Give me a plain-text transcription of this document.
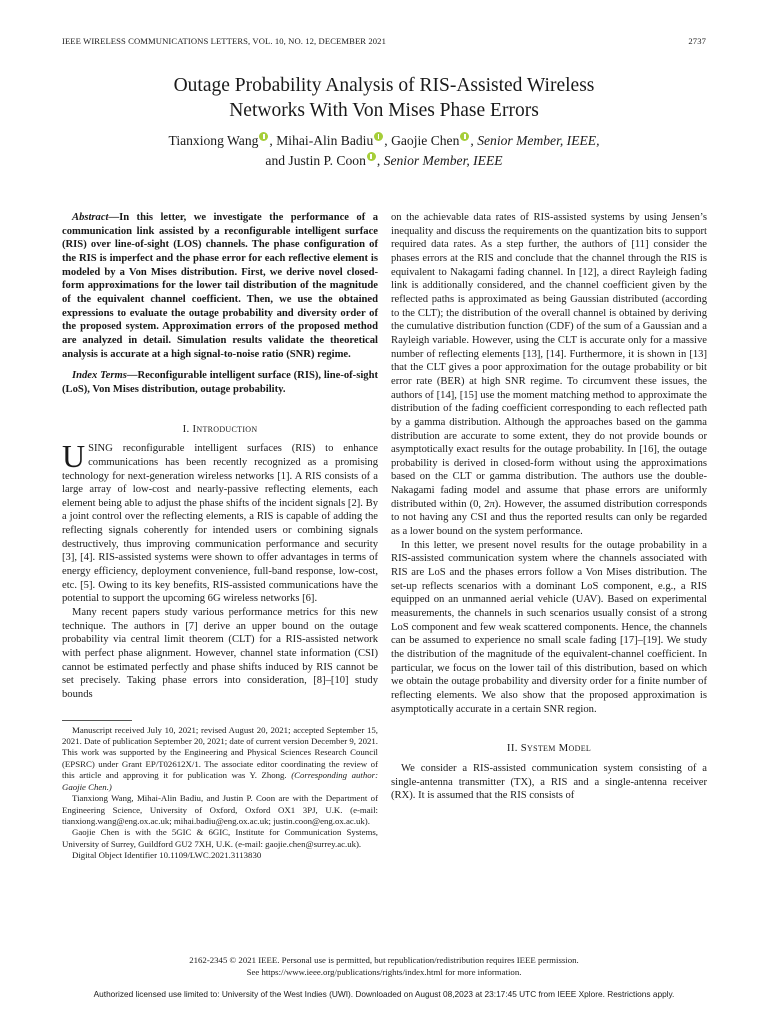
IEEE WIRELESS COMMUNICATIONS LETTERS, VOL. 10, NO. 12, DECEMBER 2021	2737
Outage Probability Analysis of RIS-Assisted Wireless
Networks With Von Mises Phase Errors
Tianxiong Wang , Mihai-Alin Badiu , Gaojie Chen , Senior Member, IEEE,
and Justin P. Coon , Senior Member, IEEE

Abstract—In this letter, we investigate the performance of a communication link assisted by a reconfigurable intelligent surface (RIS) over line-of-sight (LOS) channels. The phase configuration of the RIS is imperfect and the phase error for each reflective element is modeled by a Von Mises distribution. First, we derive novel closed-form approximations for the lower tail distribution of the magnitude of the equivalent channel coefficient. Then, we use the obtained expressions to evaluate the outage probability and diversity order of the proposed system. Approximation errors of the proposed method are analyzed in detail. Simulation results validate the theoretical analysis is accurate at a high signal-to-noise ratio (SNR) regime.

Index Terms—Reconfigurable intelligent surface (RIS), line-of-sight (LoS), Von Mises distribution, outage probability.

I. Introduction

USING reconfigurable intelligent surfaces (RIS) to enhance communications has been recently recognized as a promising technology for next-generation wireless networks [1]. A RIS consists of a large array of low-cost and nearly-passive reflecting elements, each element being able to adjust the phase shifts of the incident signals [2]. By a joint control over the reflecting elements, a RIS is capable of adding the reflecting signals coherently for intended users or combining signals destructively, thus improving communication performance and security [3], [4]. RIS-assisted systems were shown to offer advantages in terms of energy efficiency, deployment convenience, full-band response, low-cost, etc. [5]. Owing to its key benefits, RIS-assisted communications have the potential to support the upcoming 6G wireless networks [6].

Many recent papers study various performance metrics for this new technique. The authors in [7] derive an upper bound on the outage probability via central limit theorem (CLT) for a RIS-assisted network with perfect phase alignment. However, channel state information (CSI) cannot be estimated perfectly and phase shifts induced by RIS cannot be set precisely. Taking phase errors into consideration, [8]–[10] study bounds

Manuscript received July 10, 2021; revised August 20, 2021; accepted September 15, 2021. Date of publication September 20, 2021; date of current version December 9, 2021. This work was supported by the Engineering and Physical Sciences Research Council (EPSRC) under Grant EP/T02612X/1. The associate editor coordinating the review of this article and approving it for publication was Y. Zhong. (Corresponding author: Gaojie Chen.)

Tianxiong Wang, Mihai-Alin Badiu, and Justin P. Coon are with the Department of Engineering Science, University of Oxford, Oxford OX1 3PJ, U.K. (e-mail: tianxiong.wang@eng.ox.ac.uk; mihai.badiu@eng.ox.ac.uk; justin.coon@eng.ox.ac.uk).

Gaojie Chen is with the 5GIC & 6GIC, Institute for Communication Systems, University of Surrey, Guildford GU2 7XH, U.K. (e-mail: gaojie.chen@surrey.ac.uk).

Digital Object Identifier 10.1109/LWC.2021.3113830

on the achievable data rates of RIS-assisted systems by using Jensen’s inequality and discuss the requirements on the quantization bits to support required data rates. As a step further, the authors of [11] consider the phases errors at the RIS and conclude that the channel through the RIS is equivalent to Nakagami fading channel. In [12], a direct Rayleigh fading link is additionally considered, and the channel coefficient given by the reflected paths is approximated as being Gaussian distributed (according to the CLT); the distribution of the overall channel is obtained by deriving the cumulative distribution function (CDF) of the sum of a Gaussian and a Rayleigh variable. However, using the CLT is accurate only for a massive number of reflecting elements [13], [14]. Furthermore, it is shown in [13] that the CLT gives a poor approximation for the outage probability or bit error rate (BER) at high SNR regime. To circumvent these issues, the authors of [14], [15] use the moment matching method to approximate the distribution of the fading coefficient corresponding to each reflected path by a gamma distribution. Although the approaches based on the gamma distribution are accurate to some extent, they do not provide bounds or asymptotically exact results for the outage probability. In [16], the outage probability is derived in closed-form without using the approximations based on the CLT or gamma distribution. The authors use the double-Nakagami fading model and assume that phase errors are uniformly distributed within (0, 2π). However, the assumed distribution corresponds to not having any CSI and thus the reported results can only be regarded as a lower bound on the system performance.

In this letter, we present novel results for the outage probability in a RIS-assisted communication system where the channels associated with RIS are LoS and the phases errors follow a Von Mises distribution. The set-up reflects scenarios with a dominant LoS component, e.g., a RIS equipped on an unmanned aerial vehicle (UAV). Based on experimental measurements, the channels in such scenarios usually consist of a strong LoS component and few weak scattered components. Hence, the channels can be assumed to experience no small scale fading [17]–[19]. We study the distribution of the magnitude of the equivalent-channel coefficient. In particular, we focus on the lower tail of this distribution, based on which we obtain the outage probability and diversity order for a finite number of reflecting elements. We also show that the proposed approximation is asymptotically accurate in a certain SNR region.

II. System Model

We consider a RIS-assisted communication system consisting of a single-antenna transmitter (TX), a RIS and a single-antenna receiver (RX). It is assumed that the RIS consists of

2162-2345 © 2021 IEEE. Personal use is permitted, but republication/redistribution requires IEEE permission.
See https://www.ieee.org/publications/rights/index.html for more information.
Authorized licensed use limited to: University of the West Indies (UWI). Downloaded on August 08,2023 at 23:17:45 UTC from IEEE Xplore. Restrictions apply.
